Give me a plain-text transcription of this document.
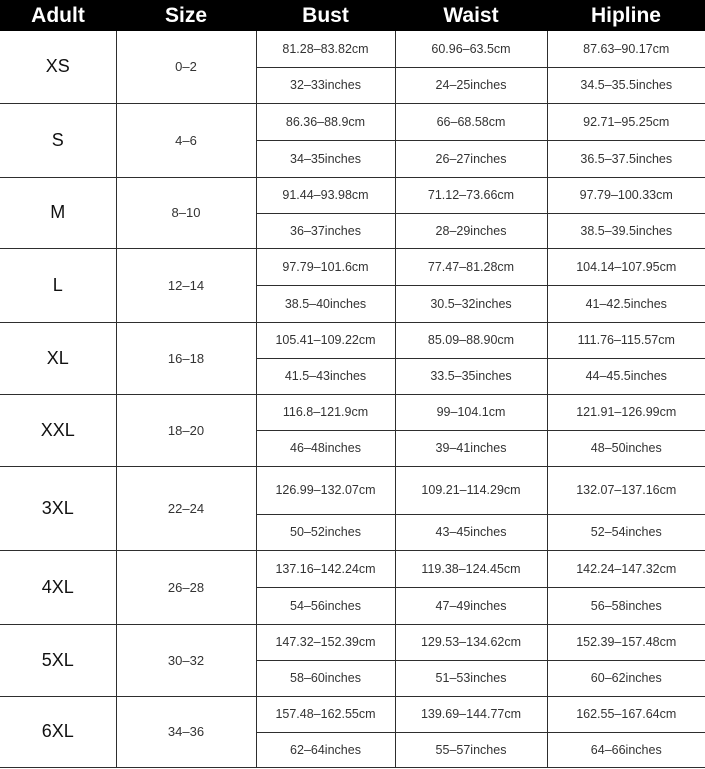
Adult	Size	Bust	Waist	Hipline
XS	0–2	81.28–83.82cm	60.96–63.5cm	87.63–90.17cm
		32–33inches	24–25inches	34.5–35.5inches
S	4–6	86.36–88.9cm	66–68.58cm	92.71–95.25cm
		34–35inches	26–27inches	36.5–37.5inches
M	8–10	91.44–93.98cm	71.12–73.66cm	97.79–100.33cm
		36–37inches	28–29inches	38.5–39.5inches
L	12–14	97.79–101.6cm	77.47–81.28cm	104.14–107.95cm
		38.5–40inches	30.5–32inches	41–42.5inches
XL	16–18	105.41–109.22cm	85.09–88.90cm	111.76–115.57cm
		41.5–43inches	33.5–35inches	44–45.5inches
XXL	18–20	116.8–121.9cm	99–104.1cm	121.91–126.99cm
		46–48inches	39–41inches	48–50inches
3XL	22–24	126.99–132.07cm	109.21–114.29cm	132.07–137.16cm
		50–52inches	43–45inches	52–54inches
4XL	26–28	137.16–142.24cm	119.38–124.45cm	142.24–147.32cm
		54–56inches	47–49inches	56–58inches
5XL	30–32	147.32–152.39cm	129.53–134.62cm	152.39–157.48cm
		58–60inches	51–53inches	60–62inches
6XL	34–36	157.48–162.55cm	139.69–144.77cm	162.55–167.64cm
		62–64inches	55–57inches	64–66inches
